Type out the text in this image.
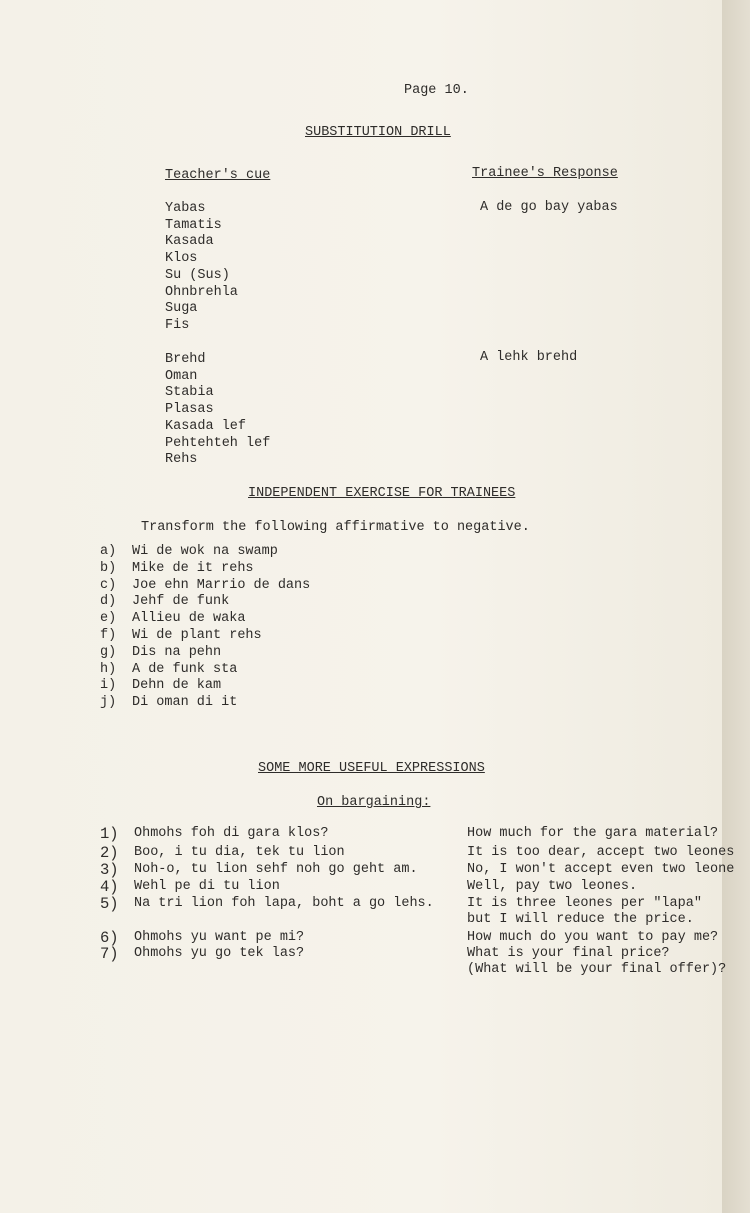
Page 10.
SUBSTITUTION DRILL
Teacher's cue	Trainee's Response
Yabas
Tamatis
Kasada
Klos
Su (Sus)
Ohnbrehla
Suga
Fis
A de go bay yabas
Brehd
Oman
Stabia
Plasas
Kasada lef
Pehtehteh lef
Rehs
A lehk brehd
INDEPENDENT EXERCISE FOR TRAINEES
Transform the following affirmative to negative.
a) Wi de wok na swamp
b) Mike de it rehs
c) Joe ehn Marrio de dans
d) Jehf de funk
e) Allieu de waka
f) Wi de plant rehs
g) Dis na pehn
h) A de funk sta
i) Dehn de kam
j) Di oman di it
SOME MORE USEFUL EXPRESSIONS
On bargaining:
1) Ohmohs foh di gara klos?	How much for the gara material?
2) Boo, i tu dia, tek tu lion	It is too dear, accept two leones
3) Noh-o, tu lion sehf noh go geht am.	No, I won't accept even two leone
4) Wehl pe di tu lion	Well, pay two leones.
5) Na tri lion foh lapa, boht a go lehs. It is three leones per "lapa"
but I will reduce the price.
6) Ohmohs yu want pe mi?	How much do you want to pay me?
7) Ohmohs yu go tek las?	What is your final price?
(What will be your final offer)?
